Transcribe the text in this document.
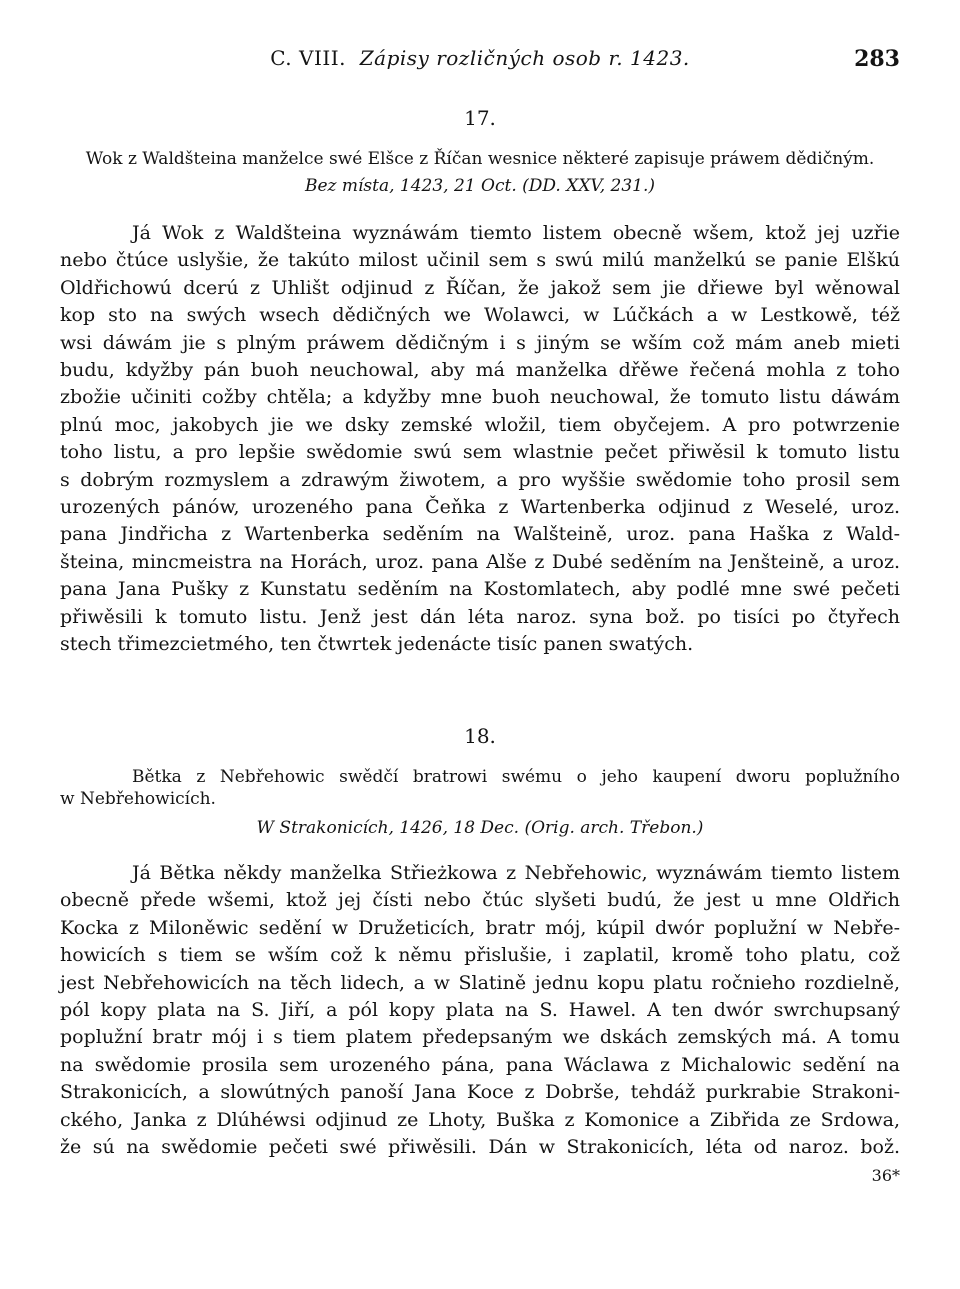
C. VIII. Zápisy rozličných osob r. 1423.	283
17.

Wok z Waldšteina manželce swé Elšce z Říčan wesnice některé zapisuje práwem dědičným.

Bez místa, 1423, 21 Oct. (DD. XXV, 231.)
Já Wok z Waldšteina wyznáwám tiemto listem obecně wšem, ktož jej uzřie
nebo čtúce uslyšie, že takúto milost učinil sem s swú milú manželkú se panie Elškú
Oldřichowú dcerú z Uhlišt odjinud z Říčan, že jakož sem jie dřiewe byl wěnowal
kop sto na swých wsech dědičných we Wolawci, w Lúčkách a w Lestkowě, též
wsi dáwám jie s plným práwem dědičným i s jiným se wším což mám aneb mieti
budu, kdyžby pán buoh neuchowal, aby má manželka dřěwe řečená mohla z toho
zbožie učiniti cožby chtěla; a kdyžby mne buoh neuchowal, že tomuto listu dáwám
plnú moc, jakobych jie we dsky zemské wložil, tiem obyčejem. A pro potwrzenie
toho listu, a pro lepšie swědomie swú sem wlastnie pečet přiwěsil k tomuto listu
s dobrým rozmyslem a zdrawým žiwotem, a pro wyššie swědomie toho prosil sem
urozených pánów, urozeného pana Čeňka z Wartenberka odjinud z Weselé, uroz.
pana Jindřicha z Wartenberka seděním na Walšteině, uroz. pana Haška z Wald-
šteina, mincmeistra na Horách, uroz. pana Alše z Dubé seděním na Jenšteině, a uroz.
pana Jana Pušky z Kunstatu seděním na Kostomlatech, aby podlé mne swé pečeti
přiwěsili k tomuto listu. Jenž jest dán léta naroz. syna bož. po tisíci po čtyřech
stech třimezcietmého, ten čtwrtek jedenácte tisíc panen swatých.
18.

Bětka z Nebřehowic swědčí bratrowi swému o jeho kaupení dworu poplužního

w Nebřehowicích.

W Strakonicích, 1426, 18 Dec. (Orig. arch. Třebon.)
Já Bětka někdy manželka Střieżkowa z Nebřehowic, wyznáwám tiemto listem
obecně přede wšemi, ktož jej čísti nebo čtúc slyšeti budú, že jest u mne Oldřich
Kocka z Miloněwic sedění w Družeticích, bratr mój, kúpil dwór poplužní w Nebře-
howicích s tiem se wším což k němu přislušie, i zaplatil, kromě toho platu, což
jest Nebřehowicích na těch lidech, a w Slatině jednu kopu platu ročnieho rozdielně,
pól kopy plata na S. Jiří, a pól kopy plata na S. Hawel. A ten dwór swrchupsaný
poplužní bratr mój i s tiem platem předepsaným we dskách zemských má. A tomu
na swědomie prosila sem urozeného pána, pana Wáclawa z Michalowic sedění na
Strakonicích, a slowútných panoší Jana Koce z Dobrše, tehdáž purkrabie Strakoni-
ckého, Janka z Dlúhéwsi odjinud ze Lhoty, Buška z Komonice a Zibřida ze Srdowa,
že sú na swědomie pečeti swé přiwěsili. Dán w Strakonicích, léta od naroz. bož.
36*
